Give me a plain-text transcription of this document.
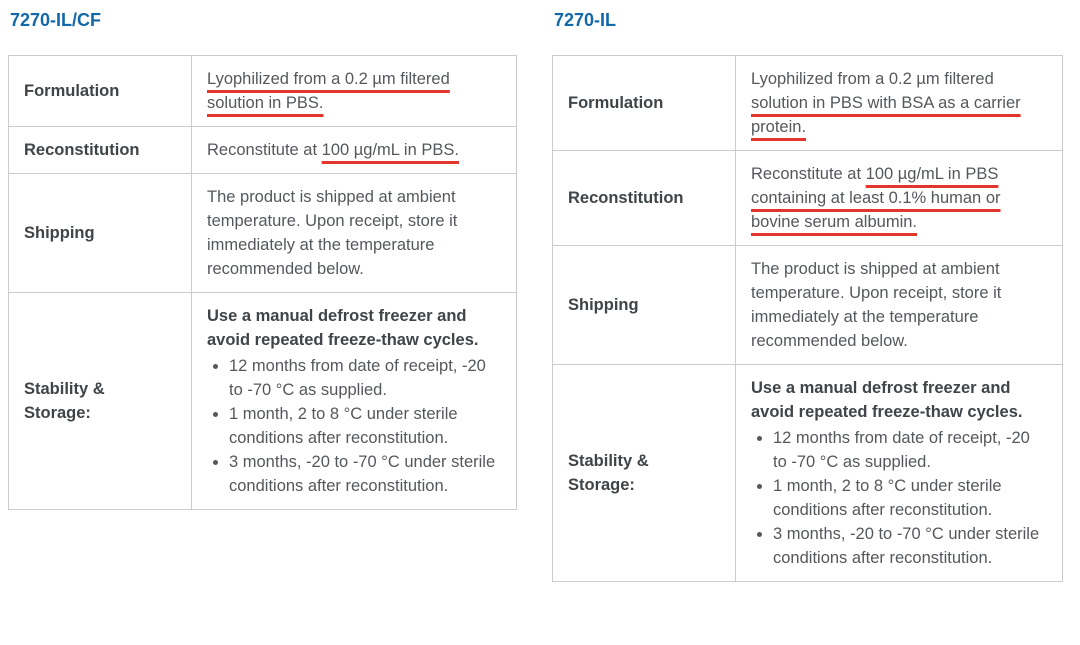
7270-IL/CF
Formulation	Lyophilized from a 0.2 µm filtered solution in PBS.
Reconstitution	Reconstitute at 100 µg/mL in PBS.
Shipping	The product is shipped at ambient temperature. Upon receipt, store it immediately at the temperature recommended below.
Stability & Storage:	

Use a manual defrost freezer and avoid repeated freeze-thaw cycles.

• 12 months from date of receipt, -20 to -70 °C as supplied.
• 1 month, 2 to 8 °C under sterile conditions after reconstitution.
• 3 months, -20 to -70 °C under sterile conditions after reconstitution.
7270-IL
Formulation	Lyophilized from a 0.2 µm filtered solution in PBS with BSA as a carrier protein.
Reconstitution	Reconstitute at 100 µg/mL in PBS containing at least 0.1% human or bovine serum albumin.
Shipping	The product is shipped at ambient temperature. Upon receipt, store it immediately at the temperature recommended below.
Stability & Storage:	

Use a manual defrost freezer and avoid repeated freeze-thaw cycles.

• 12 months from date of receipt, -20 to -70 °C as supplied.
• 1 month, 2 to 8 °C under sterile conditions after reconstitution.
• 3 months, -20 to -70 °C under sterile conditions after reconstitution.
